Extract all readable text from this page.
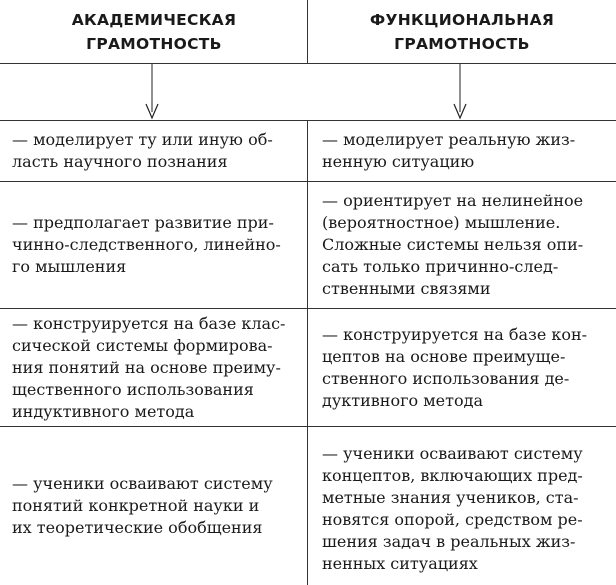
АКАДЕМИЧЕСКАЯ
ГРАМОТНОСТЬ
ФУНКЦИОНАЛЬНАЯ
ГРАМОТНОСТЬ
— моделирует ту или иную об-
ласть научного познания
— моделирует реальную жиз-
ненную ситуацию
— предполагает развитие при-
чинно-следственного, линейно-
го мышления
— ориентирует на нелинейное
(вероятностное) мышление.
Сложные системы нельзя опи-
сать только причинно-след-
ственными связями
— конструируется на базе клас-
сической системы формирова-
ния понятий на основе преиму-
щественного использования
индуктивного метода
— конструируется на базе кон-
цептов на основе преимуще-
ственного использования де-
дуктивного метода
— ученики осваивают систему
понятий конкретной науки и
их теоретические обобщения
— ученики осваивают систему
концептов, включающих пред-
метные знания учеников, ста-
новятся опорой, средством ре-
шения задач в реальных жиз-
ненных ситуациях
